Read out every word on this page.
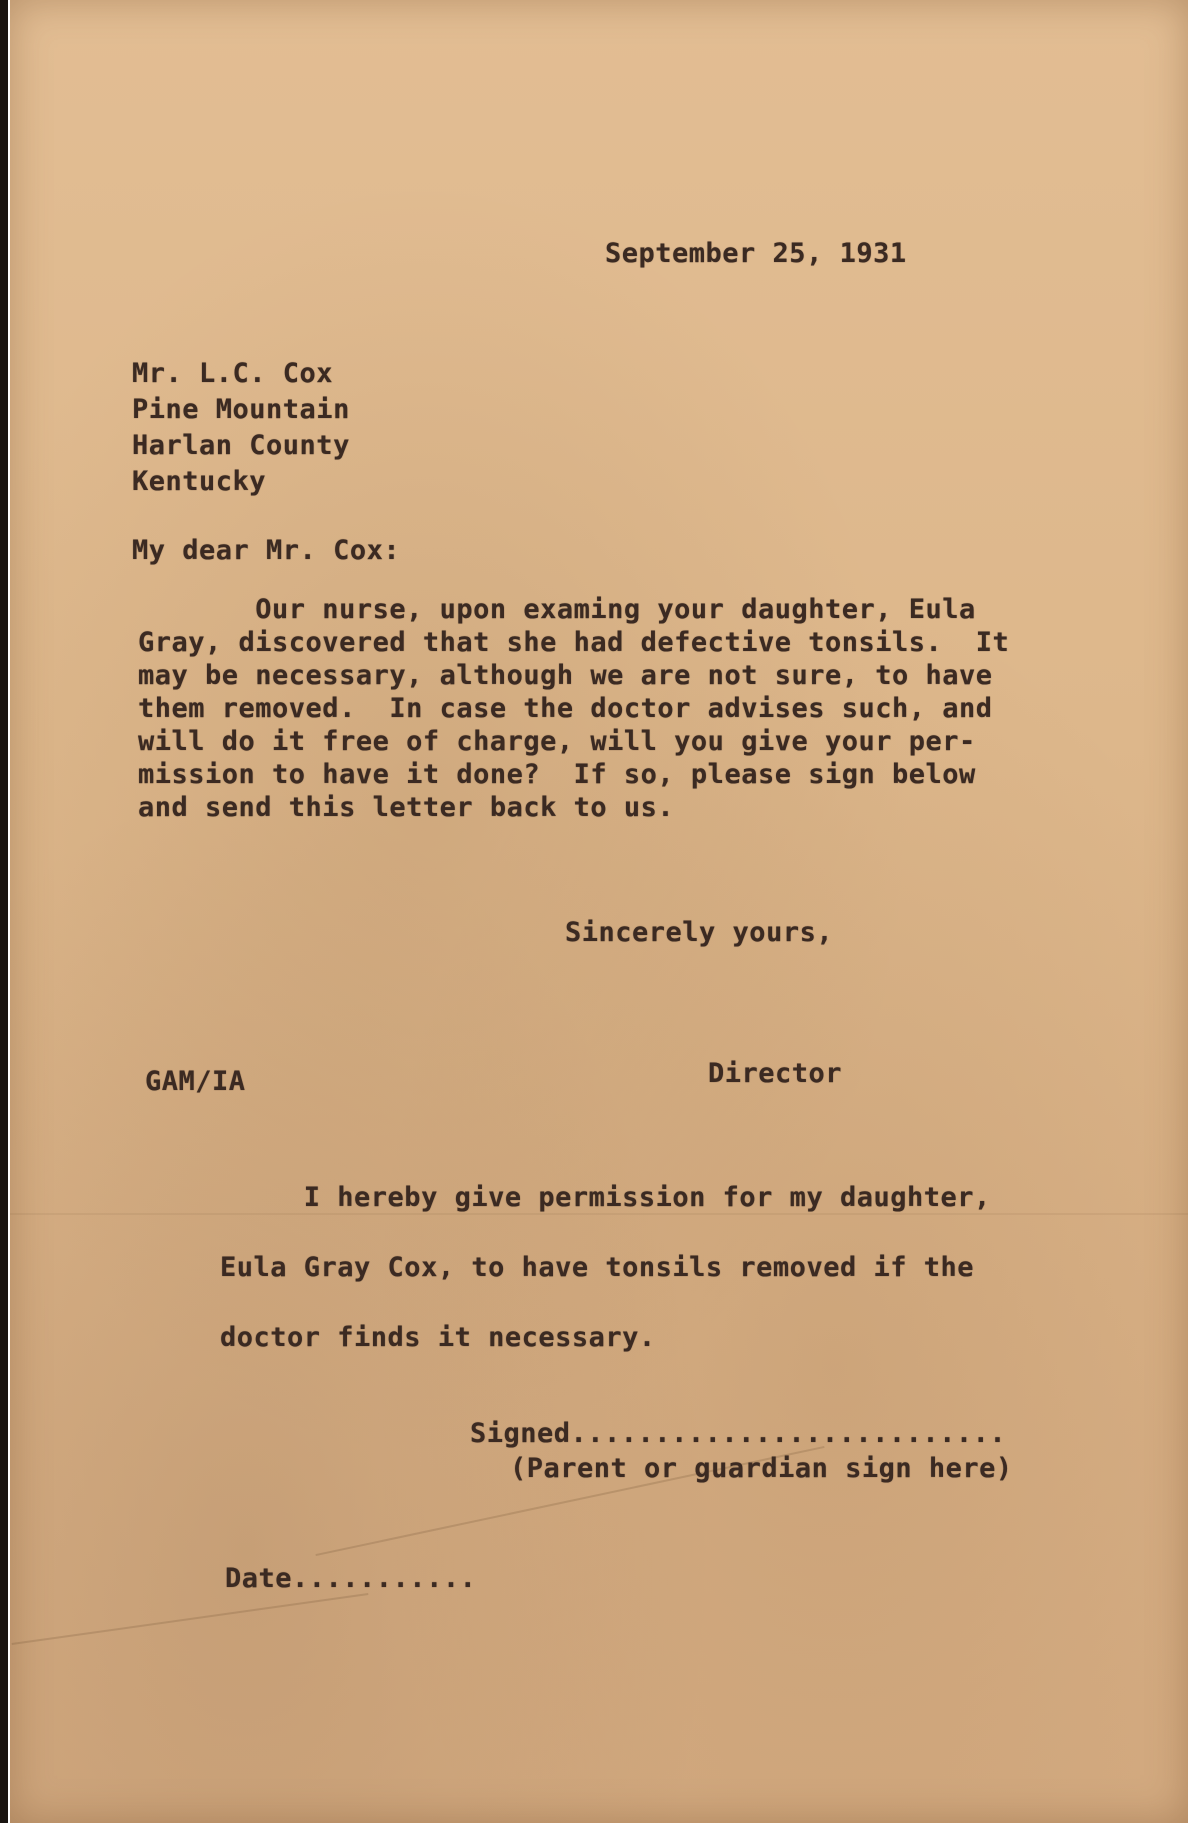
September 25, 1931

Mr. L.C. Cox
Pine Mountain
Harlan County
Kentucky

My dear Mr. Cox:

Our nurse, upon examing your daughter, Eula
Gray, discovered that she had defective tonsils.  It
may be necessary, although we are not sure, to have
them removed.  In case the doctor advises such, and
will do it free of charge, will you give your per-
mission to have it done?  If so, please sign below
and send this letter back to us.

Sincerely yours,

GAM/IA	Director

I hereby give permission for my daughter,
Eula Gray Cox, to have tonsils removed if the
doctor finds it necessary.

Signed..........................

(Parent or guardian sign here)

Date...........
